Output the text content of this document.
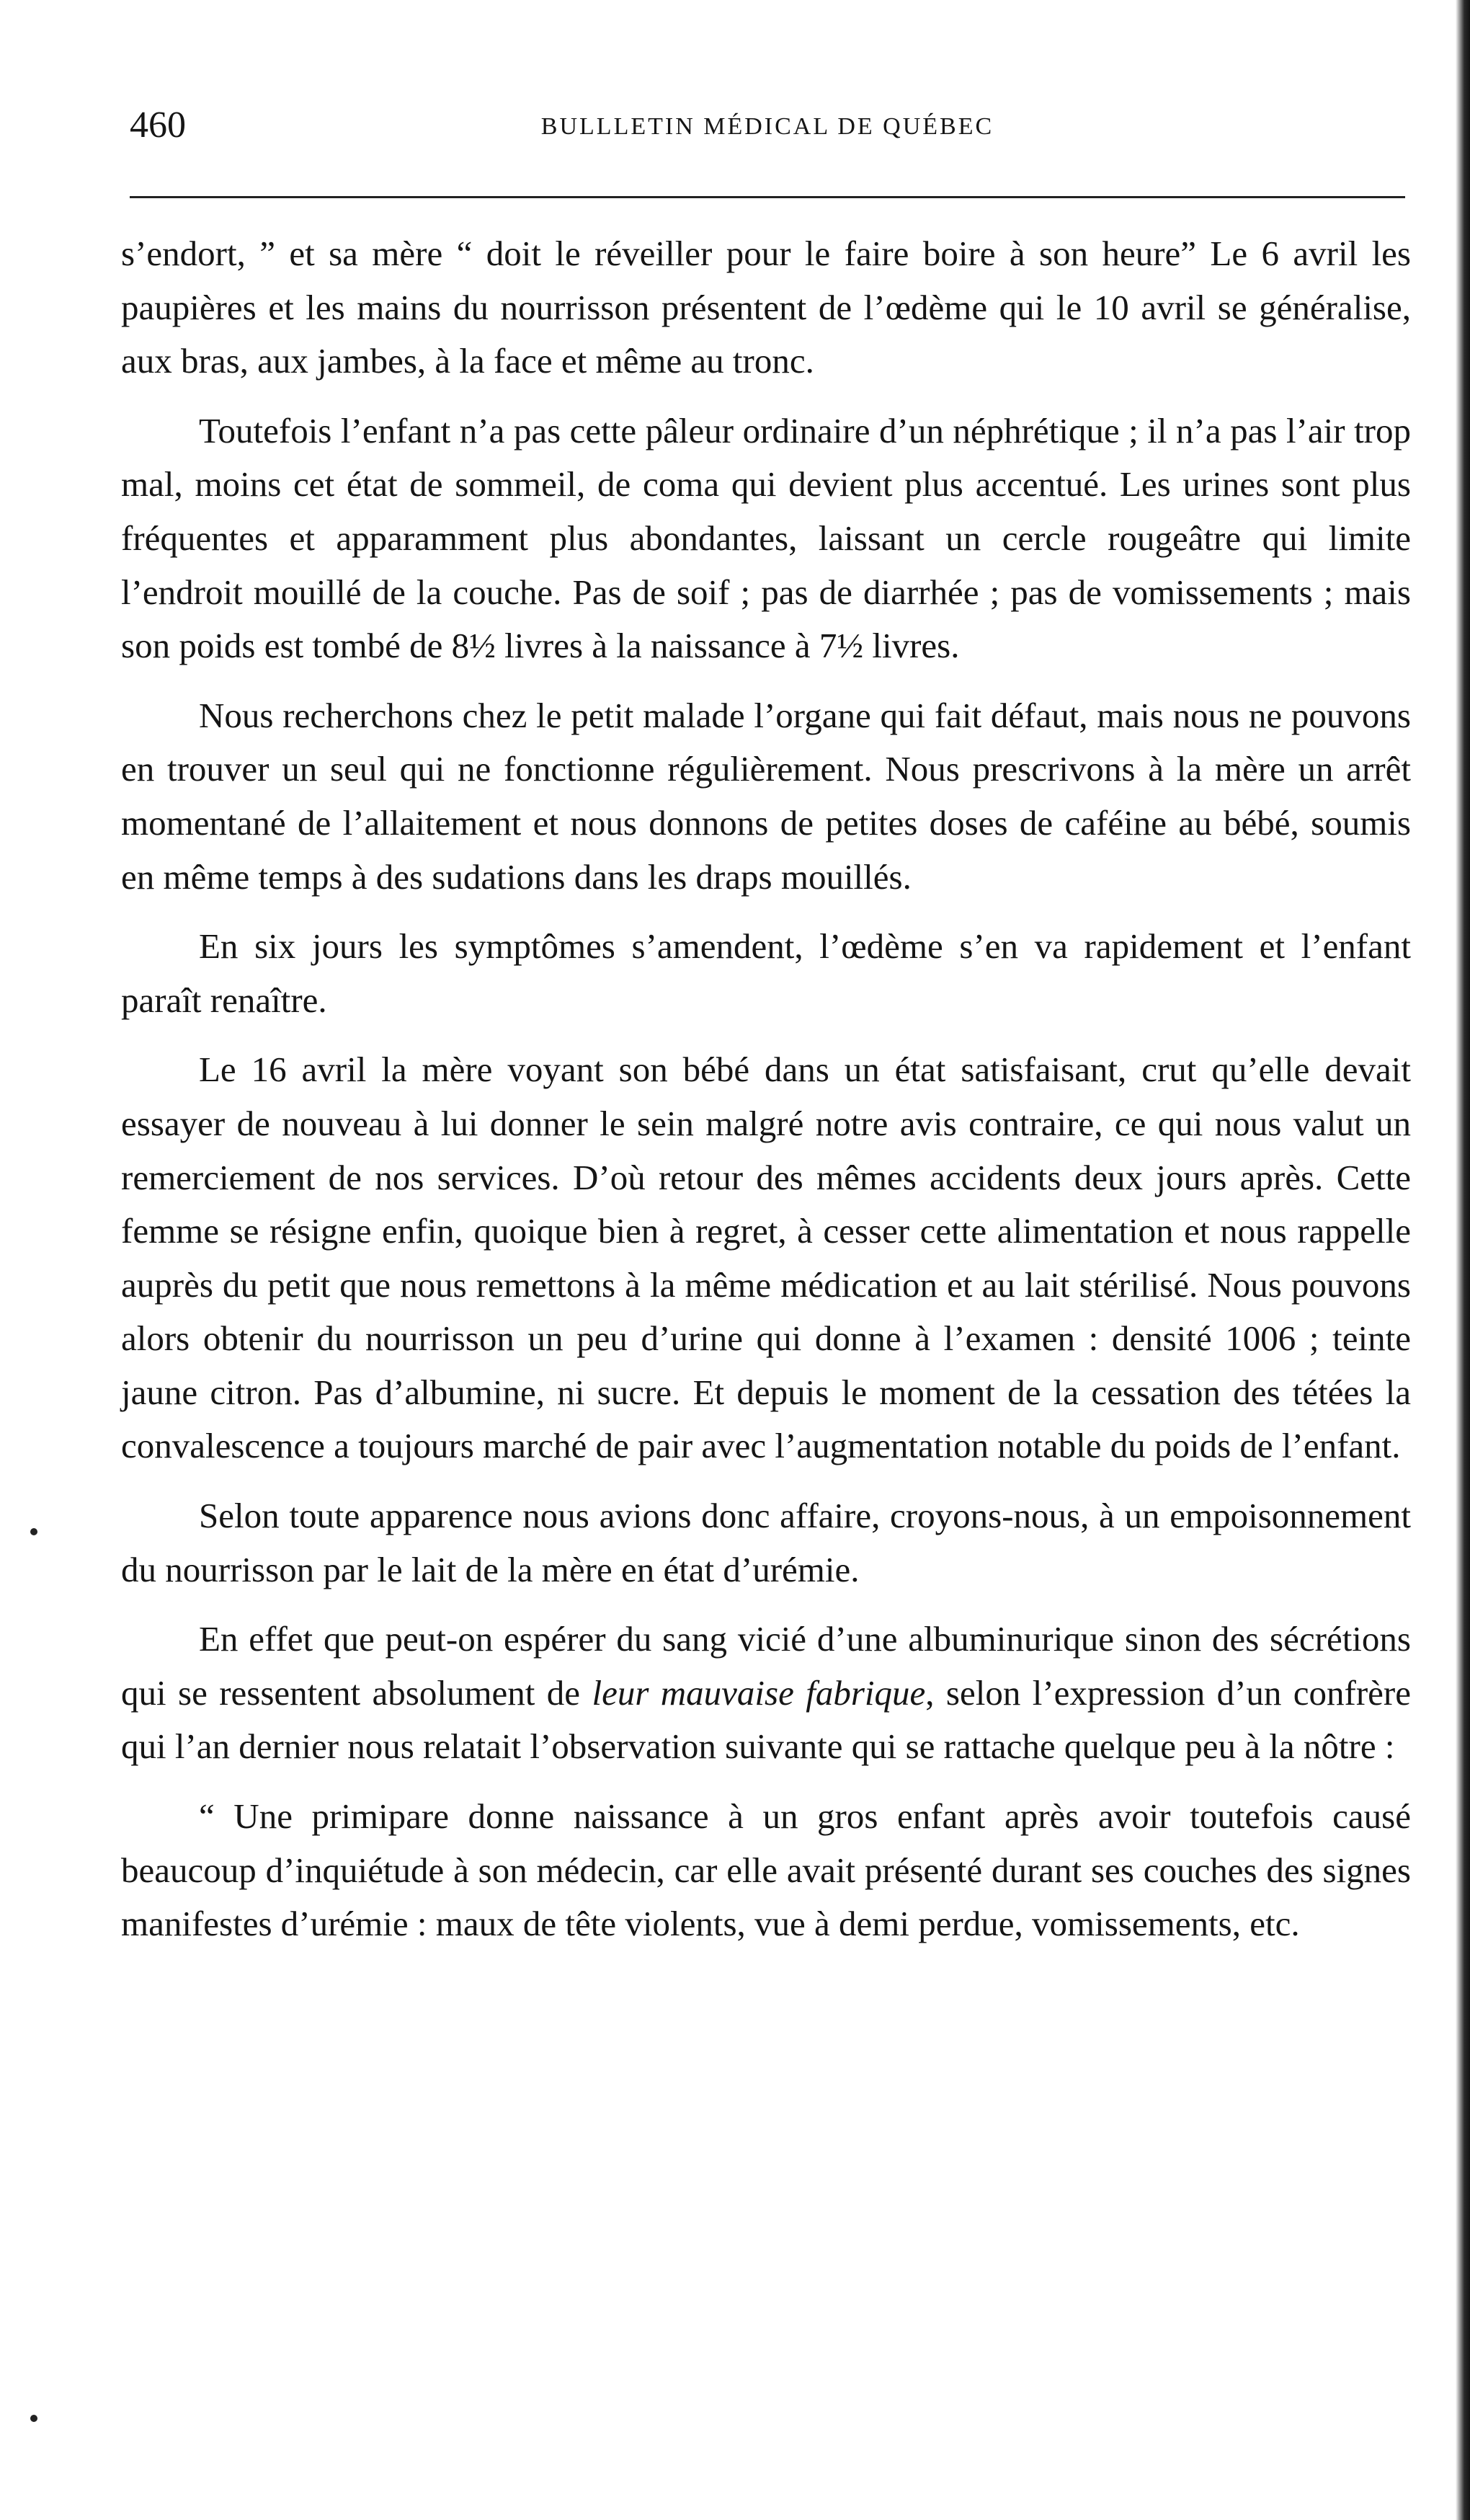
460	BULLLETIN MÉDICAL DE QUÉBEC

s’endort, ” et sa mère “ doit le réveiller pour le faire boire à son heure” Le 6 avril les paupières et les mains du nourrisson présentent de l’œdème qui le 10 avril se généralise, aux bras, aux jambes, à la face et même au tronc.

Toutefois l’enfant n’a pas cette pâleur ordinaire d’un néphrétique ; il n’a pas l’air trop mal, moins cet état de sommeil, de coma qui devient plus accentué. Les urines sont plus fréquentes et apparamment plus abondantes, laissant un cercle rougeâtre qui limite l’endroit mouillé de la couche. Pas de soif ; pas de diarrhée ; pas de vomissements ; mais son poids est tombé de 8½ livres à la naissance à 7½ livres.

Nous recherchons chez le petit malade l’organe qui fait défaut, mais nous ne pouvons en trouver un seul qui ne fonctionne régulièrement. Nous prescrivons à la mère un arrêt momentané de l’allaitement et nous donnons de petites doses de caféine au bébé, soumis en même temps à des sudations dans les draps mouillés.

En six jours les symptômes s’amendent, l’œdème s’en va rapidement et l’enfant paraît renaître.

Le 16 avril la mère voyant son bébé dans un état satisfaisant, crut qu’elle devait essayer de nouveau à lui donner le sein malgré notre avis contraire, ce qui nous valut un remerciement de nos services. D’où retour des mêmes accidents deux jours après. Cette femme se résigne enfin, quoique bien à regret, à cesser cette alimentation et nous rappelle auprès du petit que nous remettons à la même médication et au lait stérilisé. Nous pouvons alors obtenir du nourrisson un peu d’urine qui donne à l’examen : densité 1006 ; teinte jaune citron. Pas d’albumine, ni sucre. Et depuis le moment de la cessation des tétées la convalescence a toujours marché de pair avec l’augmentation notable du poids de l’enfant.

Selon toute apparence nous avions donc affaire, croyons-nous, à un empoisonnement du nourrisson par le lait de la mère en état d’urémie.

En effet que peut-on espérer du sang vicié d’une albuminurique sinon des sécrétions qui se ressentent absolument de leur mauvaise fabrique, selon l’expression d’un confrère qui l’an dernier nous relatait l’observation suivante qui se rattache quelque peu à la nôtre :

“ Une primipare donne naissance à un gros enfant après avoir toutefois causé beaucoup d’inquiétude à son médecin, car elle avait présenté durant ses couches des signes manifestes d’urémie : maux de tête violents, vue à demi perdue, vomissements, etc.
